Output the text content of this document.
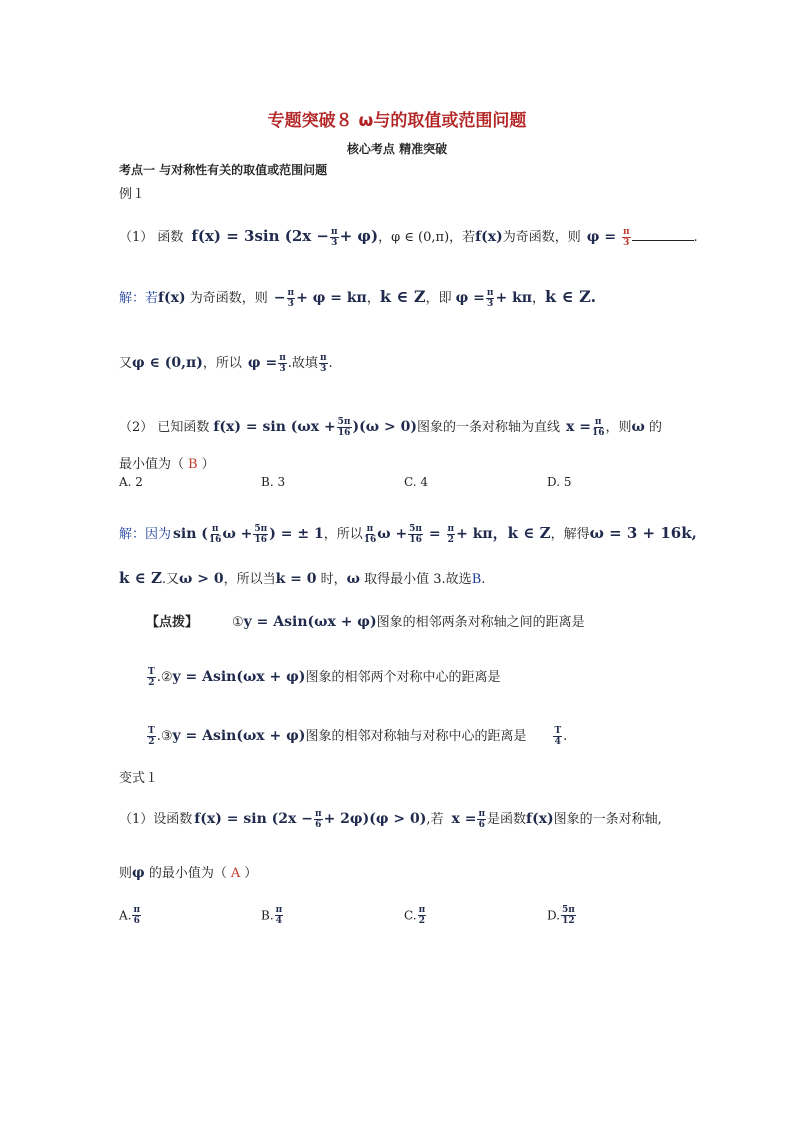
专题突破８ ω与的取值或范围问题
核心考点 精准突破
考点一 与对称性有关的取值或范围问题
例１
（1） 函数 f(x) = 3sin $(2x - \frac{\pi}{3} + \varphi)$，φ ∈ (0,π)，若f(x)为奇函数，则 $\varphi = \frac{\pi}{3}$	.
解：若f(x) 为奇函数，则 − $\frac{\pi}{3} + \varphi = k\pi$，k ∈ Z，即 $\varphi = \frac{\pi}{3} + k\pi$，k ∈ Z.
又φ ∈ (0,π)，所以 $\varphi = \frac{\pi}{3}$ .故填 $\frac{\pi}{3}$ .
（2） 已知函数 $f(x) = \sin (\omega x + \frac{5\pi}{16} )(\omega > 0)$图象的一条对称轴为直线 $x = \frac{\pi}{16}$ ，则ω 的
最小值为（ B ）
A. 2	B. 3	C. 4	D. 5
解：因为 sin ( $\frac{\pi}{16}$ $\omega + \frac{5\pi}{16}$ ) = ± 1，所以 $\frac{\pi}{16}$ $\omega + \frac{5\pi}{16} = \frac{\pi}{2} + k\pi$，k ∈ Z，解得ω = 3 + 16k,
k ∈ Z.又ω > 0，所以当k = 0 时，ω 取得最小值 3.故选B.
【点拨】	①y = Asin(ωx + φ)图象的相邻两条对称轴之间的距离是
$\frac{T}{2}$ .②y = Asin(ωx + φ)图象的相邻两个对称中心的距离是
$\frac{T}{2}$ .③y = Asin(ωx + φ)图象的相邻对称轴与对称中心的距离是	$\frac{T}{4}$ .
变式１
（1）设函数 $f(x) = \sin (2x - \frac{\pi}{6} + 2\varphi)(\varphi > 0)$,若 $x = \frac{\pi}{6}$ 是函数f(x)图象的一条对称轴,
则φ 的最小值为（ A ）
A. $\frac{\pi}{6}$	B. $\frac{\pi}{4}$	C. $\frac{\pi}{2}$	D. $\frac{5\pi}{12}$
